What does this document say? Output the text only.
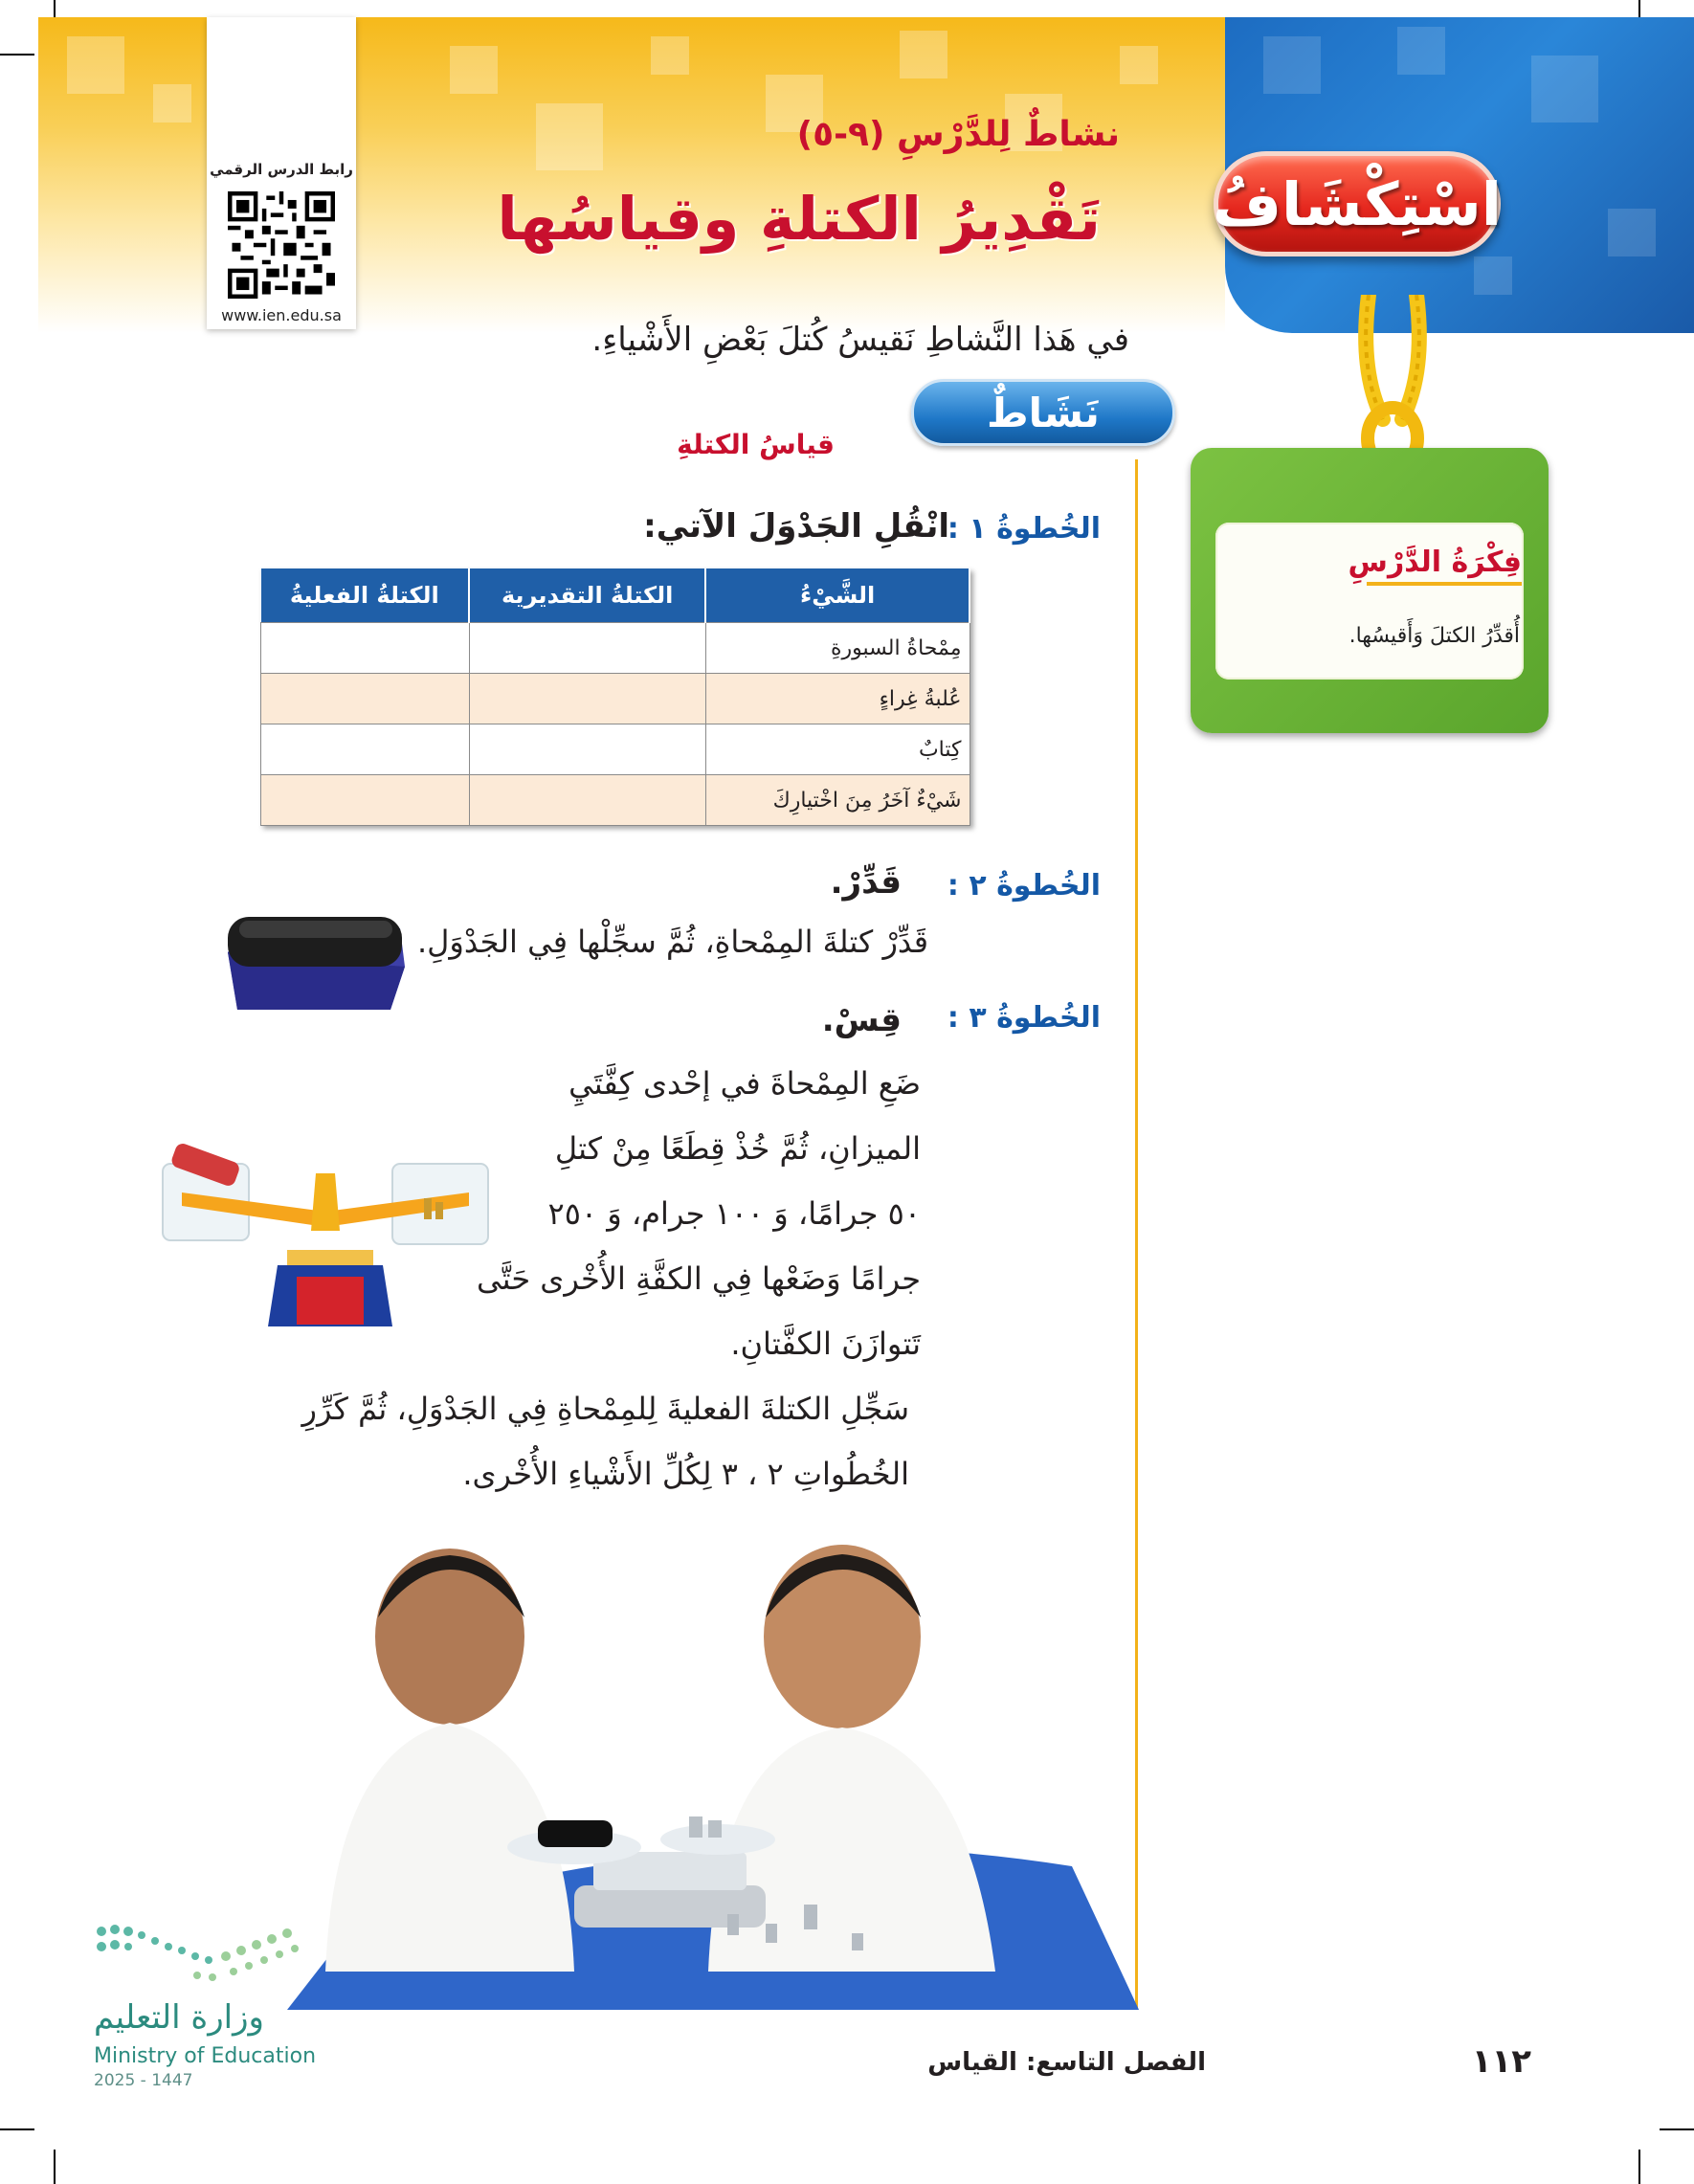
اسْتِكْشَافُ
رابط الدرس الرقمي
www.ien.edu.sa
نشاطٌ لِلدَّرْسِ (٩-٥)
تَقْدِيرُ الكتلةِ وقياسُها
في هَذا النَّشاطِ نَقيسُ كُتلَ بَعْضِ الأَشْياءِ.
نَشَاطٌ
قياسُ الكتلةِ
فِكْرَةُ الدَّرْسِ
أُقدِّرُ الكتلَ وَأَقيسُها.
الخُطوةُ ١ :
انْقُلِ الجَدْوَلَ الآتي:
الشَّيْءُ	الكتلةُ التقديرية	الكتلةُ الفعليةُ
مِمْحاةُ السبورةِ		
عُلبةُ غِراءٍ		
كِتابٌ		
شَيْءٌ آخَرُ مِنَ اخْتيارِكَ		
الخُطوةُ ٢ :
قَدِّرْ.
قَدِّرْ كتلةَ المِمْحاةِ، ثُمَّ سجِّلْها فِي الجَدْوَلِ.
الخُطوةُ ٣ :
قِسْ.
ضَعِ المِمْحاةَ في إحْدى كِفَّتَيِ
الميزانِ، ثُمَّ خُذْ قِطَعًا مِنْ كتلِ
٥٠ جرامًا، وَ ١٠٠ جرام، وَ ٢٥٠
جرامًا وَضَعْها فِي الكفَّةِ الأُخْرى حَتَّى
تَتوازَنَ الكفَّتانِ.
سَجِّلِ الكتلةَ الفعليةَ لِلمِمْحاةِ فِي الجَدْوَلِ، ثُمَّ كَرِّرِ
الخُطُواتِ ٢ ، ٣ لِكُلِّ الأَشْياءِ الأُخْرى.
وزارة التعليم
Ministry of Education
2025 - 1447
الفصل التاسع: القياس	١١٢
